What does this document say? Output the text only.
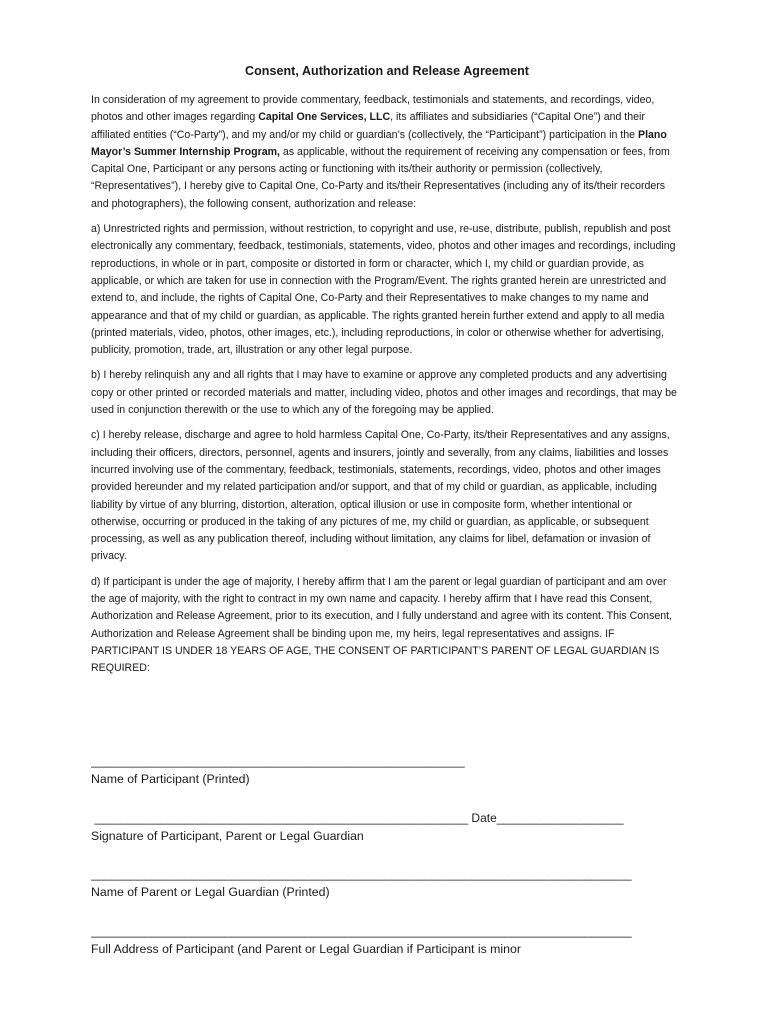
Consent, Authorization and Release Agreement

In consideration of my agreement to provide commentary, feedback, testimonials and statements, and recordings, video, photos and other images regarding Capital One Services, LLC, its affiliates and subsidiaries (“Capital One”) and their affiliated entities (“Co-Party”), and my and/or my child or guardian’s (collectively, the “Participant”) participation in the Plano Mayor’s Summer Internship Program, as applicable, without the requirement of receiving any compensation or fees, from Capital One, Participant or any persons acting or functioning with its/their authority or permission (collectively, “Representatives”), I hereby give to Capital One, Co-Party and its/their Representatives (including any of its/their recorders and photographers), the following consent, authorization and release:

a) Unrestricted rights and permission, without restriction, to copyright and use, re-use, distribute, publish, republish and post electronically any commentary, feedback, testimonials, statements, video, photos and other images and recordings, including reproductions, in whole or in part, composite or distorted in form or character, which I, my child or guardian provide, as applicable, or which are taken for use in connection with the Program/Event. The rights granted herein are unrestricted and extend to, and include, the rights of Capital One, Co-Party and their Representatives to make changes to my name and appearance and that of my child or guardian, as applicable. The rights granted herein further extend and apply to all media (printed materials, video, photos, other images, etc.), including reproductions, in color or otherwise whether for advertising, publicity, promotion, trade, art, illustration or any other legal purpose.

b) I hereby relinquish any and all rights that I may have to examine or approve any completed products and any advertising copy or other printed or recorded materials and matter, including video, photos and other images and recordings, that may be used in conjunction therewith or the use to which any of the foregoing may be applied.

c) I hereby release, discharge and agree to hold harmless Capital One, Co-Party, its/their Representatives and any assigns, including their officers, directors, personnel, agents and insurers, jointly and severally, from any claims, liabilities and losses incurred involving use of the commentary, feedback, testimonials, statements, recordings, video, photos and other images provided hereunder and my related participation and/or support, and that of my child or guardian, as applicable, including liability by virtue of any blurring, distortion, alteration, optical illusion or use in composite form, whether intentional or otherwise, occurring or produced in the taking of any pictures of me, my child or guardian, as applicable, or subsequent processing, as well as any publication thereof, including without limitation, any claims for libel, defamation or invasion of privacy.

d) If participant is under the age of majority, I hereby affirm that I am the parent or legal guardian of participant and am over the age of majority, with the right to contract in my own name and capacity. I hereby affirm that I have read this Consent, Authorization and Release Agreement, prior to its execution, and I fully understand and agree with its content. This Consent, Authorization and Release Agreement shall be binding upon me, my heirs, legal representatives and assigns. IF PARTICIPANT IS UNDER 18 YEARS OF AGE, THE CONSENT OF PARTICIPANT’S PARENT OF LEGAL GUARDIAN IS REQUIRED:

________________________________________________________
Name of Participant (Printed)
________________________________________________________ Date___________________
Signature of Participant, Parent or Legal Guardian
_________________________________________________________________________________
Name of Parent or Legal Guardian (Printed)
_________________________________________________________________________________
Full Address of Participant (and Parent or Legal Guardian if Participant is minor
